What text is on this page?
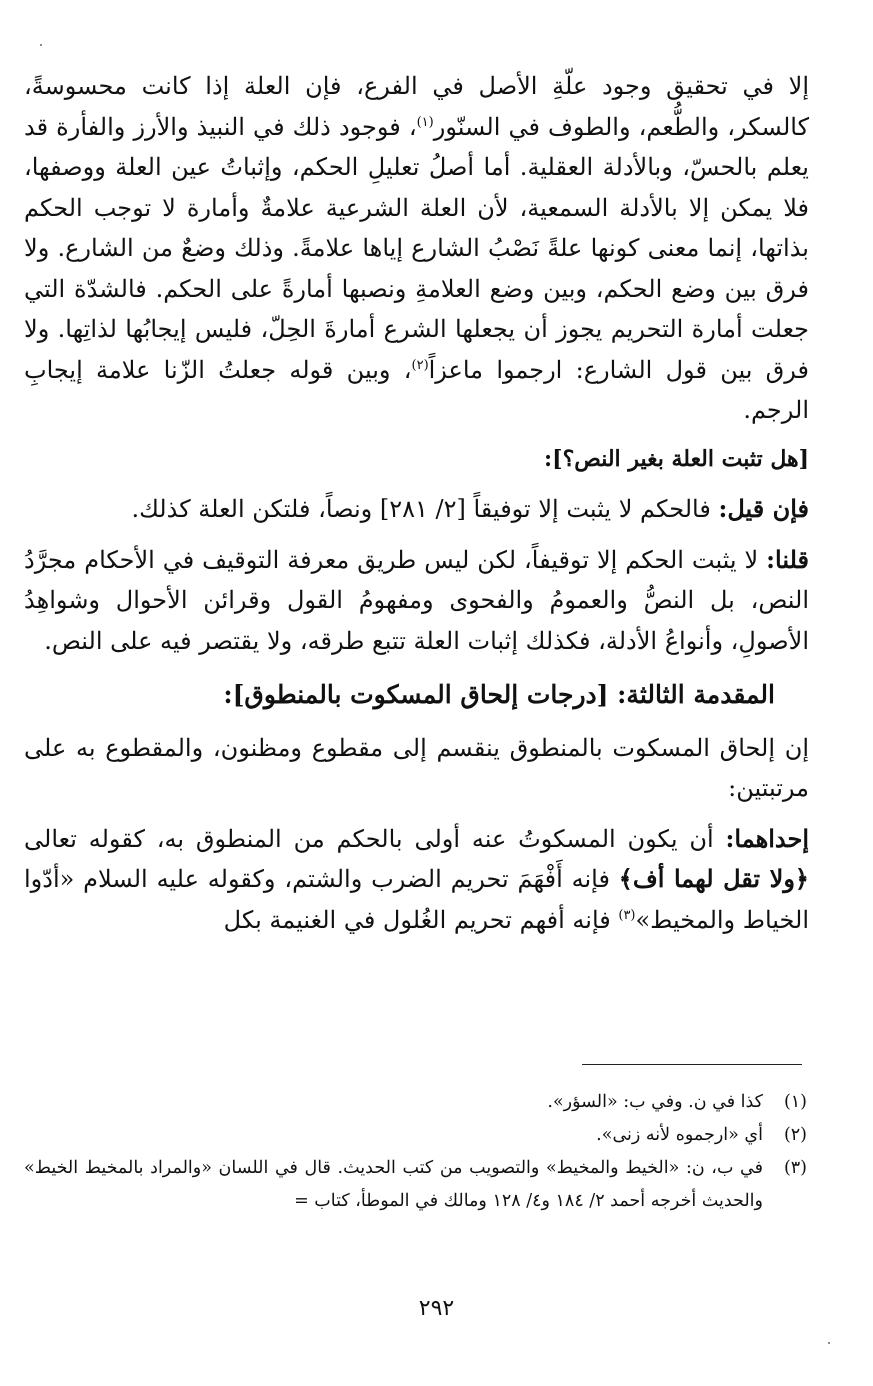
إلا في تحقيق وجود علّةِ الأصل في الفرع، فإن العلة إذا كانت محسوسةً، كالسكر، والطُّعم، والطوف في السنّور$^{(١)}$، فوجود ذلك في النبيذ والأرز والفأرة قد يعلم بالحسّ، وبالأدلة العقلية. أما أصلُ تعليلِ الحكم، وإثباتُ عين العلة ووصفها، فلا يمكن إلا بالأدلة السمعية، لأن العلة الشرعية علامةٌ وأمارة لا توجب الحكم بذاتها، إنما معنى كونها علةً نَصْبُ الشارع إياها علامةً. وذلك وضعٌ من الشارع. ولا فرق بين وضع الحكم، وبين وضع العلامةِ ونصبها أمارةً على الحكم. فالشدّة التي جعلت أمارة التحريم يجوز أن يجعلها الشرع أمارةَ الحِلّ، فليس إيجابُها لذاتِها. ولا فرق بين قول الشارع: ارجموا ماعزاً$^{(٢)}$، وبين قوله جعلتُ الزّنا علامة إيجابِ الرجم.

[هل تثبت العلة بغير النص؟]:

فإن قيل: فالحكم لا يثبت إلا توفيقاً [٢/ ٢٨١] ونصاً، فلتكن العلة كذلك.

قلنا: لا يثبت الحكم إلا توقيفاً، لكن ليس طريق معرفة التوقيف في الأحكام مجرَّدُ النص، بل النصُّ والعمومُ والفحوى ومفهومُ القول وقرائن الأحوال وشواهِدُ الأصولِ، وأنواعُ الأدلة، فكذلك إثبات العلة تتبع طرقه، ولا يقتصر فيه على النص.

المقدمة الثالثة: [درجات إلحاق المسكوت بالمنطوق]:

إن إلحاق المسكوت بالمنطوق ينقسم إلى مقطوع ومظنون، والمقطوع به على مرتبتين:

إحداهما: أن يكون المسكوتُ عنه أولى بالحكم من المنطوق به، كقوله تعالى ﴿ولا تقل لهما أف﴾ فإنه أَفْهَمَ تحريم الضرب والشتم، وكقوله عليه السلام «أدّوا الخياط والمخيط»$^{(٣)}$ فإنه أفهم تحريم الغُلول في الغنيمة بكل

(١)
كذا في ن. وفي ب: «السؤر».
(٢)
أي «ارجموه لأنه زنى».
(٣)
في ب، ن: «الخيط والمخيط» والتصويب من كتب الحديث. قال في اللسان «والمراد بالمخيط الخيط» والحديث أخرجه أحمد ٢/ ١٨٤ و٤/ ١٢٨ ومالك في الموطأ، كتاب =
٢٩٢
